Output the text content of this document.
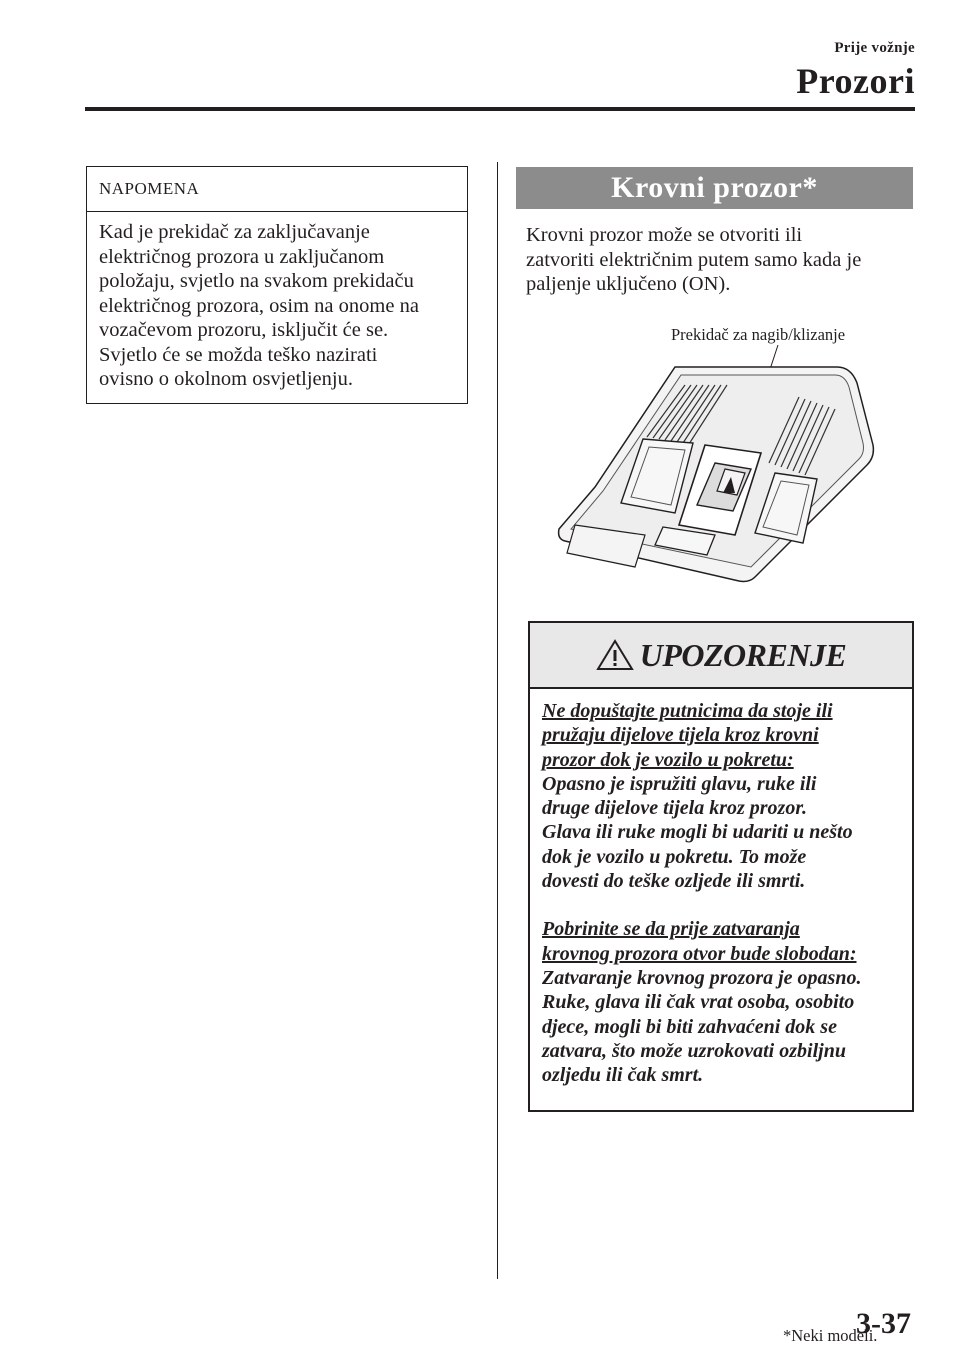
Prije vožnje
Prozori
NAPOMENA
Kad je prekidač za zaključavanje
električnog prozora u zaključanom
položaju, svjetlo na svakom prekidaču
električnog prozora, osim na onome na
vozačevom prozoru, isključit će se.
Svjetlo će se možda teško nazirati
ovisno o okolnom osvjetljenju.
Krovni prozor*
Krovni prozor može se otvoriti ili
zatvoriti električnim putem samo kada je
paljenje uključeno (ON).
Prekidač za nagib/klizanje
UPOZORENJE
Ne dopuštajte putnicima da stoje ili
pružaju dijelove tijela kroz krovni
prozor dok je vozilo u pokretu:
Opasno je ispružiti glavu, ruke ili
druge dijelove tijela kroz prozor.
Glava ili ruke mogli bi udariti u nešto
dok je vozilo u pokretu. To može
dovesti do teške ozljede ili smrti.
Pobrinite se da prije zatvaranja
krovnog prozora otvor bude slobodan:
Zatvaranje krovnog prozora je opasno.
Ruke, glava ili čak vrat osoba, osobito
djece, mogli bi biti zahvaćeni dok se
zatvara, što može uzrokovati ozbiljnu
ozljedu ili čak smrt.
*Neki modeli.
3-37
